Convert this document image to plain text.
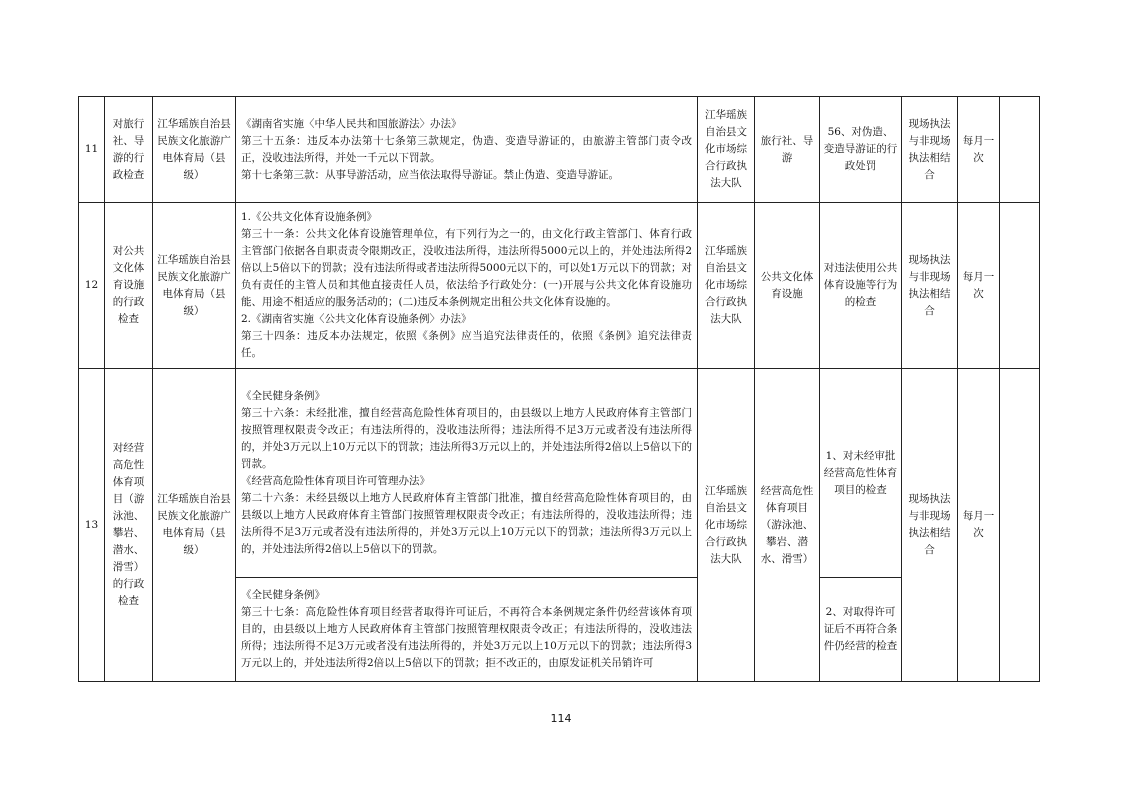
11	对旅行社、导游的行政检查	江华瑶族自治县民族文化旅游广电体育局（县级）	《湖南省实施〈中华人民共和国旅游法〉办法》
第三十五条：违反本办法第十七条第三款规定，伪造、变造导游证的，由旅游主管部门责令改正，没收违法所得，并处一千元以下罚款。
第十七条第三款：从事导游活动，应当依法取得导游证。禁止伪造、变造导游证。	江华瑶族自治县文化市场综合行政执法大队	旅行社、导游	56、对伪造、变造导游证的行政处罚	现场执法与非现场执法相结合	每月一次	
12	对公共文化体育设施的行政检查	江华瑶族自治县民族文化旅游广电体育局（县级）	1.《公共文化体育设施条例》
第三十一条：公共文化体育设施管理单位，有下列行为之一的，由文化行政主管部门、体育行政主管部门依据各自职责责令限期改正，没收违法所得，违法所得5000元以上的，并处违法所得2倍以上5倍以下的罚款；没有违法所得或者违法所得5000元以下的，可以处1万元以下的罚款；对负有责任的主管人员和其他直接责任人员，依法给予行政处分：(一)开展与公共文化体育设施功能、用途不相适应的服务活动的；(二)违反本条例规定出租公共文化体育设施的。
2.《湖南省实施〈公共文化体育设施条例〉办法》
第三十四条：违反本办法规定，依照《条例》应当追究法律责任的，依照《条例》追究法律责任。	江华瑶族自治县文化市场综合行政执法大队	公共文化体育设施	对违法使用公共体育设施等行为的检查	现场执法与非现场执法相结合	每月一次	
13	对经营高危性体育项目（游泳池、攀岩、潜水、滑雪）的行政检查	江华瑶族自治县民族文化旅游广电体育局（县级）	《全民健身条例》
第三十六条：未经批准，擅自经营高危险性体育项目的，由县级以上地方人民政府体育主管部门按照管理权限责令改正；有违法所得的，没收违法所得；违法所得不足3万元或者没有违法所得的，并处3万元以上10万元以下的罚款；违法所得3万元以上的，并处违法所得2倍以上5倍以下的罚款。
《经营高危险性体育项目许可管理办法》
第二十六条：未经县级以上地方人民政府体育主管部门批准，擅自经营高危险性体育项目的，由县级以上地方人民政府体育主管部门按照管理权限责令改正；有违法所得的，没收违法所得；违法所得不足3万元或者没有违法所得的，并处3万元以上10万元以下的罚款；违法所得3万元以上的，并处违法所得2倍以上5倍以下的罚款。	江华瑶族自治县文化市场综合行政执法大队	经营高危性体育项目（游泳池、攀岩、潜水、滑雪）	1、对未经审批经营高危性体育项目的检查	现场执法与非现场执法相结合	每月一次	

			《全民健身条例》
第三十七条：高危险性体育项目经营者取得许可证后，不再符合本条例规定条件仍经营该体育项目的，由县级以上地方人民政府体育主管部门按照管理权限责令改正；有违法所得的，没收违法所得；违法所得不足3万元或者没有违法所得的，并处3万元以上10万元以下的罚款；违法所得3万元以上的，并处违法所得2倍以上5倍以下的罚款；拒不改正的，由原发证机关吊销许可			2、对取得许可证后不再符合条件仍经营的检查			
114
